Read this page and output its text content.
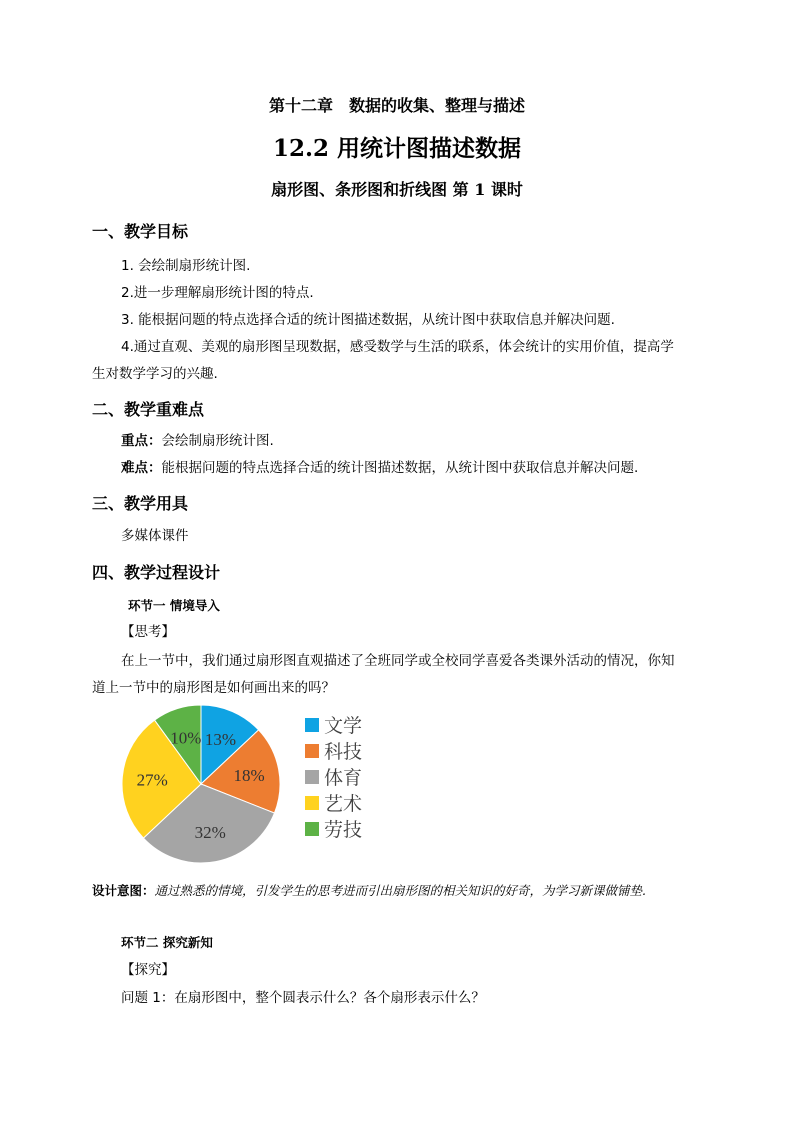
第十二章　数据的收集、整理与描述
12.2 用统计图描述数据
扇形图、条形图和折线图 第 1 课时
一、教学目标
1. 会绘制扇形统计图.
2.进一步理解扇形统计图的特点.
3. 能根据问题的特点选择合适的统计图描述数据，从统计图中获取信息并解决问题.
4.通过直观、美观的扇形图呈现数据，感受数学与生活的联系，体会统计的实用价值，提高学
生对数学学习的兴趣.
二、教学重难点
重点：会绘制扇形统计图.
难点：能根据问题的特点选择合适的统计图描述数据，从统计图中获取信息并解决问题.
三、教学用具
多媒体课件
四、教学过程设计
环节一 情境导入
【思考】
在上一节中，我们通过扇形图直观描述了全班同学或全校同学喜爱各类课外活动的情况，你知
道上一节中的扇形图是如何画出来的吗？
13%
18%
32%
27%
10%
文学
科技
体育
艺术
劳技
设计意图：通过熟悉的情境，引发学生的思考进而引出扇形图的相关知识的好奇，为学习新课做铺垫.
环节二 探究新知
【探究】
问题 1：在扇形图中，整个圆表示什么？各个扇形表示什么？
